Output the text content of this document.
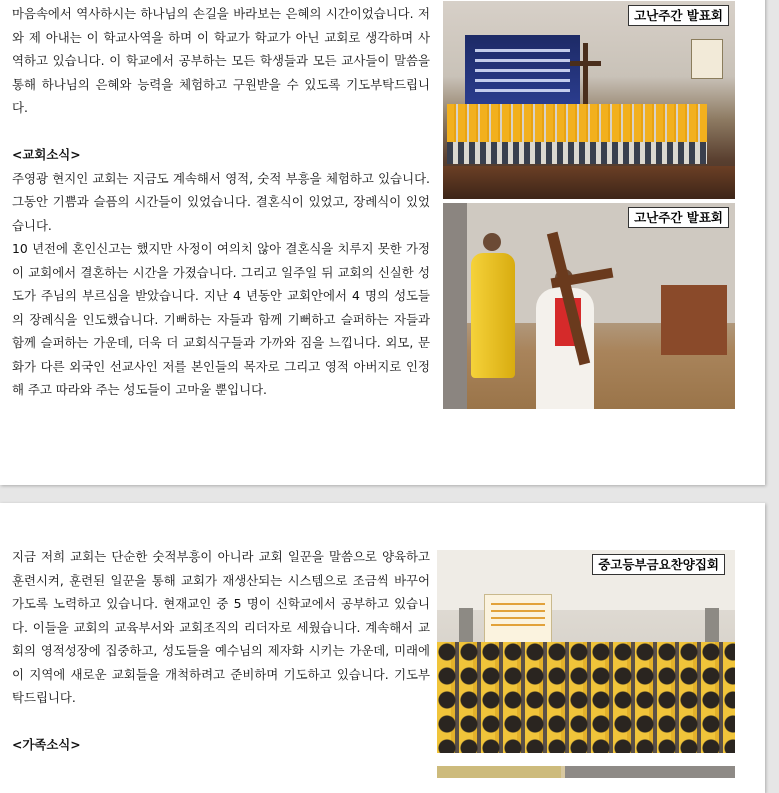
마음속에서 역사하시는 하나님의 손길을 바라보는 은혜의 시간이었습니다. 저와 제 아내는 이 학교사역을 하며 이 학교가 학교가 아닌 교회로 생각하며 사역하고 있습니다. 이 학교에서 공부하는 모든 학생들과 모든 교사들이 말씀을 통해 하나님의 은혜와 능력을 체험하고 구원받을 수 있도록 기도부탁드립니다.

<교회소식>

주영광 현지인 교회는 지금도 계속해서 영적, 숫적 부흥을 체험하고 있습니다. 그동안 기쁨과 슬픔의 시간들이 있었습니다. 결혼식이 있었고, 장례식이 있었습니다.

10 년전에 혼인신고는 했지만 사정이 여의치 않아 결혼식을 치루지 못한 가정이 교회에서 결혼하는 시간을 가졌습니다. 그리고 일주일 뒤 교회의 신실한 성도가 주님의 부르심을 받았습니다. 지난 4 년동안 교회안에서 4 명의 성도들의 장례식을 인도했습니다. 기뻐하는 자들과 함께 기뻐하고 슬퍼하는 자들과 함께 슬퍼하는 가운데, 더욱 더 교회식구들과 가까와 짐을 느낍니다. 외모, 문화가 다른 외국인 선교사인 저를 본인들의 목자로 그리고 영적 아버지로 인정해 주고 따라와 주는 성도들이 고마울 뿐입니다.

고난주간 발표회
고난주간 발표회

지금 저희 교회는 단순한 숫적부흥이 아니라 교회 일꾼을 말씀으로 양육하고 훈련시켜, 훈련된 일꾼을 통해 교회가 재생산되는 시스템으로 조금씩 바꾸어 가도록 노력하고 있습니다. 현재교인 중 5 명이 신학교에서 공부하고 있습니다. 이들을 교회의 교육부서와 교회조직의 리더자로 세웠습니다. 계속해서 교회의 영적성장에 집중하고, 성도들을 예수님의 제자화 시키는 가운데, 미래에 이 지역에 새로운 교회들을 개척하려고 준비하며 기도하고 있습니다. 기도부탁드립니다.

<가족소식>

중고등부금요찬양집회
